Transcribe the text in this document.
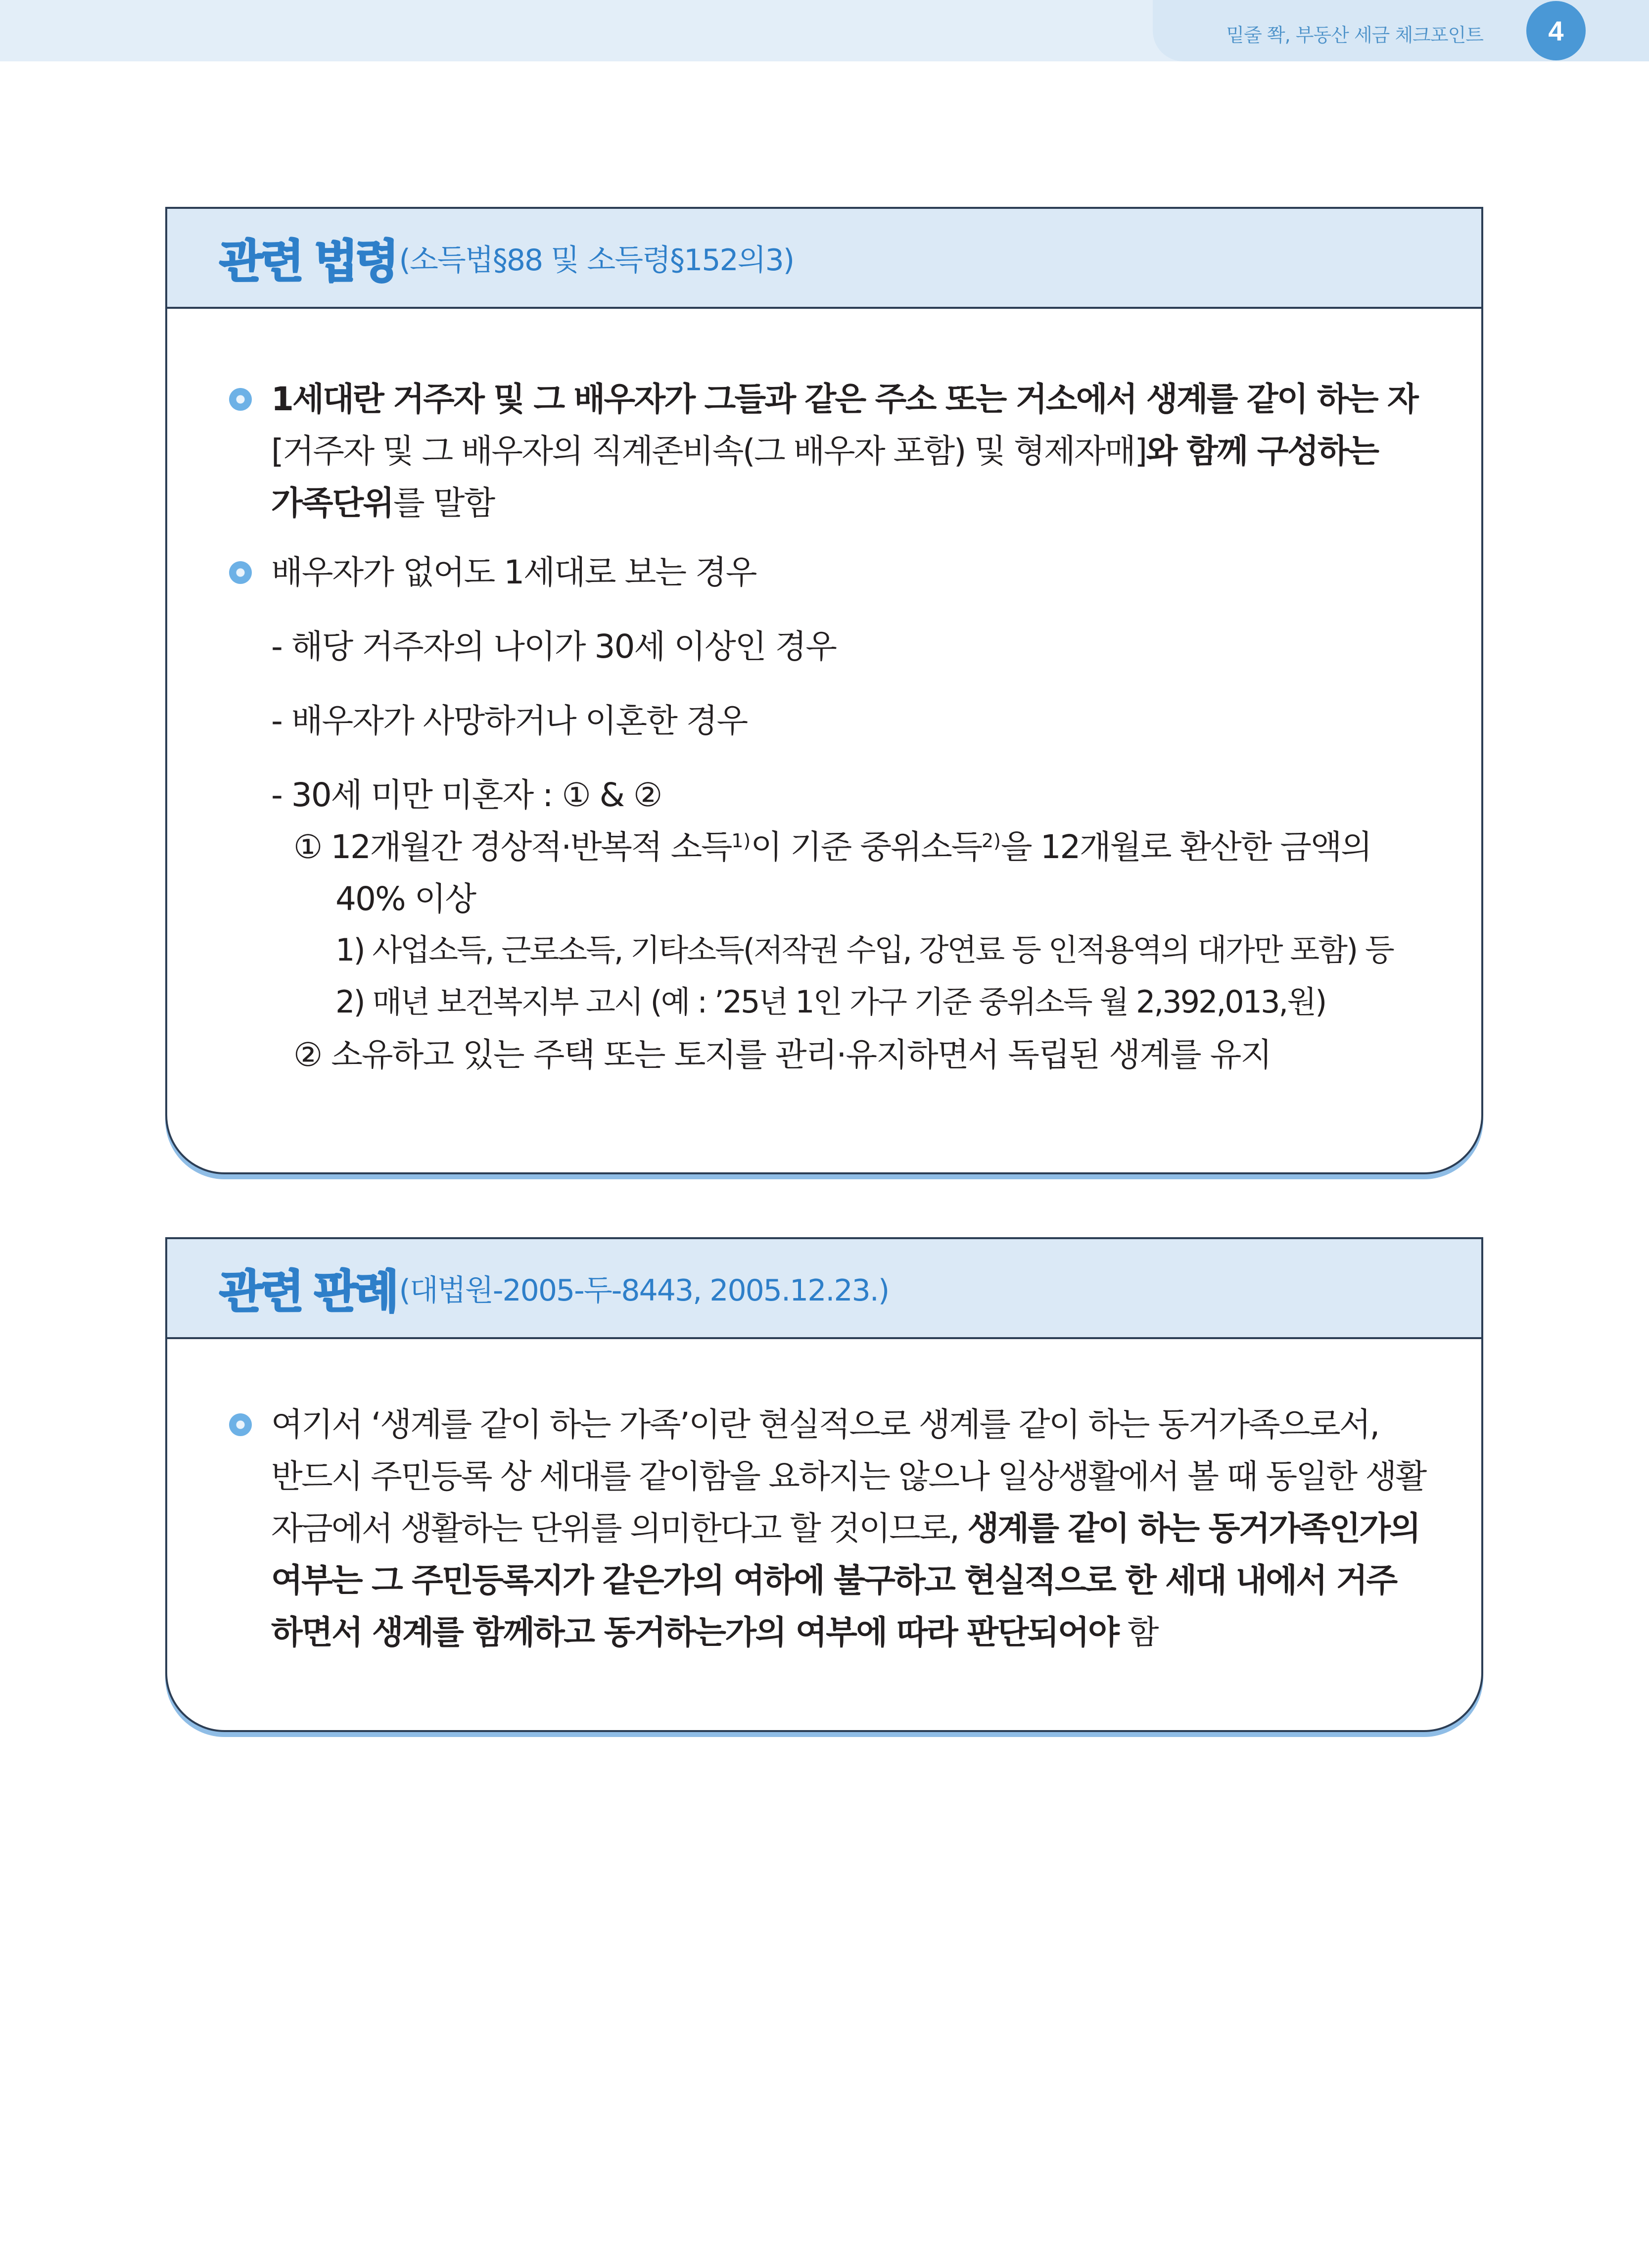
밑줄 쫙, 부동산 세금 체크포인트	4
관련 법령 (소득법§88 및 소득령§152의3)
1세대란 거주자 및 그 배우자가 그들과 같은 주소 또는 거소에서 생계를 같이 하는 자
[거주자 및 그 배우자의 직계존비속(그 배우자 포함) 및 형제자매]와 함께 구성하는
가족단위를 말함
배우자가 없어도 1세대로 보는 경우
- 해당 거주자의 나이가 30세 이상인 경우
- 배우자가 사망하거나 이혼한 경우
- 30세 미만 미혼자 : ① & ②
① 12개월간 경상적·반복적 소득$^{1)}$이 기준 중위소득$^{2)}$을 12개월로 환산한 금액의
40% 이상
1) 사업소득, 근로소득, 기타소득(저작권 수입, 강연료 등 인적용역의 대가만 포함) 등
2) 매년 보건복지부 고시 (예 : ’25년 1인 가구 기준 중위소득 월 2,392,013,원)
② 소유하고 있는 주택 또는 토지를 관리·유지하면서 독립된 생계를 유지
관련 판례 (대법원-2005-두-8443, 2005.12.23.)
여기서 ‘생계를 같이 하는 가족’이란 현실적으로 생계를 같이 하는 동거가족으로서,
반드시 주민등록 상 세대를 같이함을 요하지는 않으나 일상생활에서 볼 때 동일한 생활
자금에서 생활하는 단위를 의미한다고 할 것이므로, 생계를 같이 하는 동거가족인가의
여부는 그 주민등록지가 같은가의 여하에 불구하고 현실적으로 한 세대 내에서 거주
하면서 생계를 함께하고 동거하는가의 여부에 따라 판단되어야 함
